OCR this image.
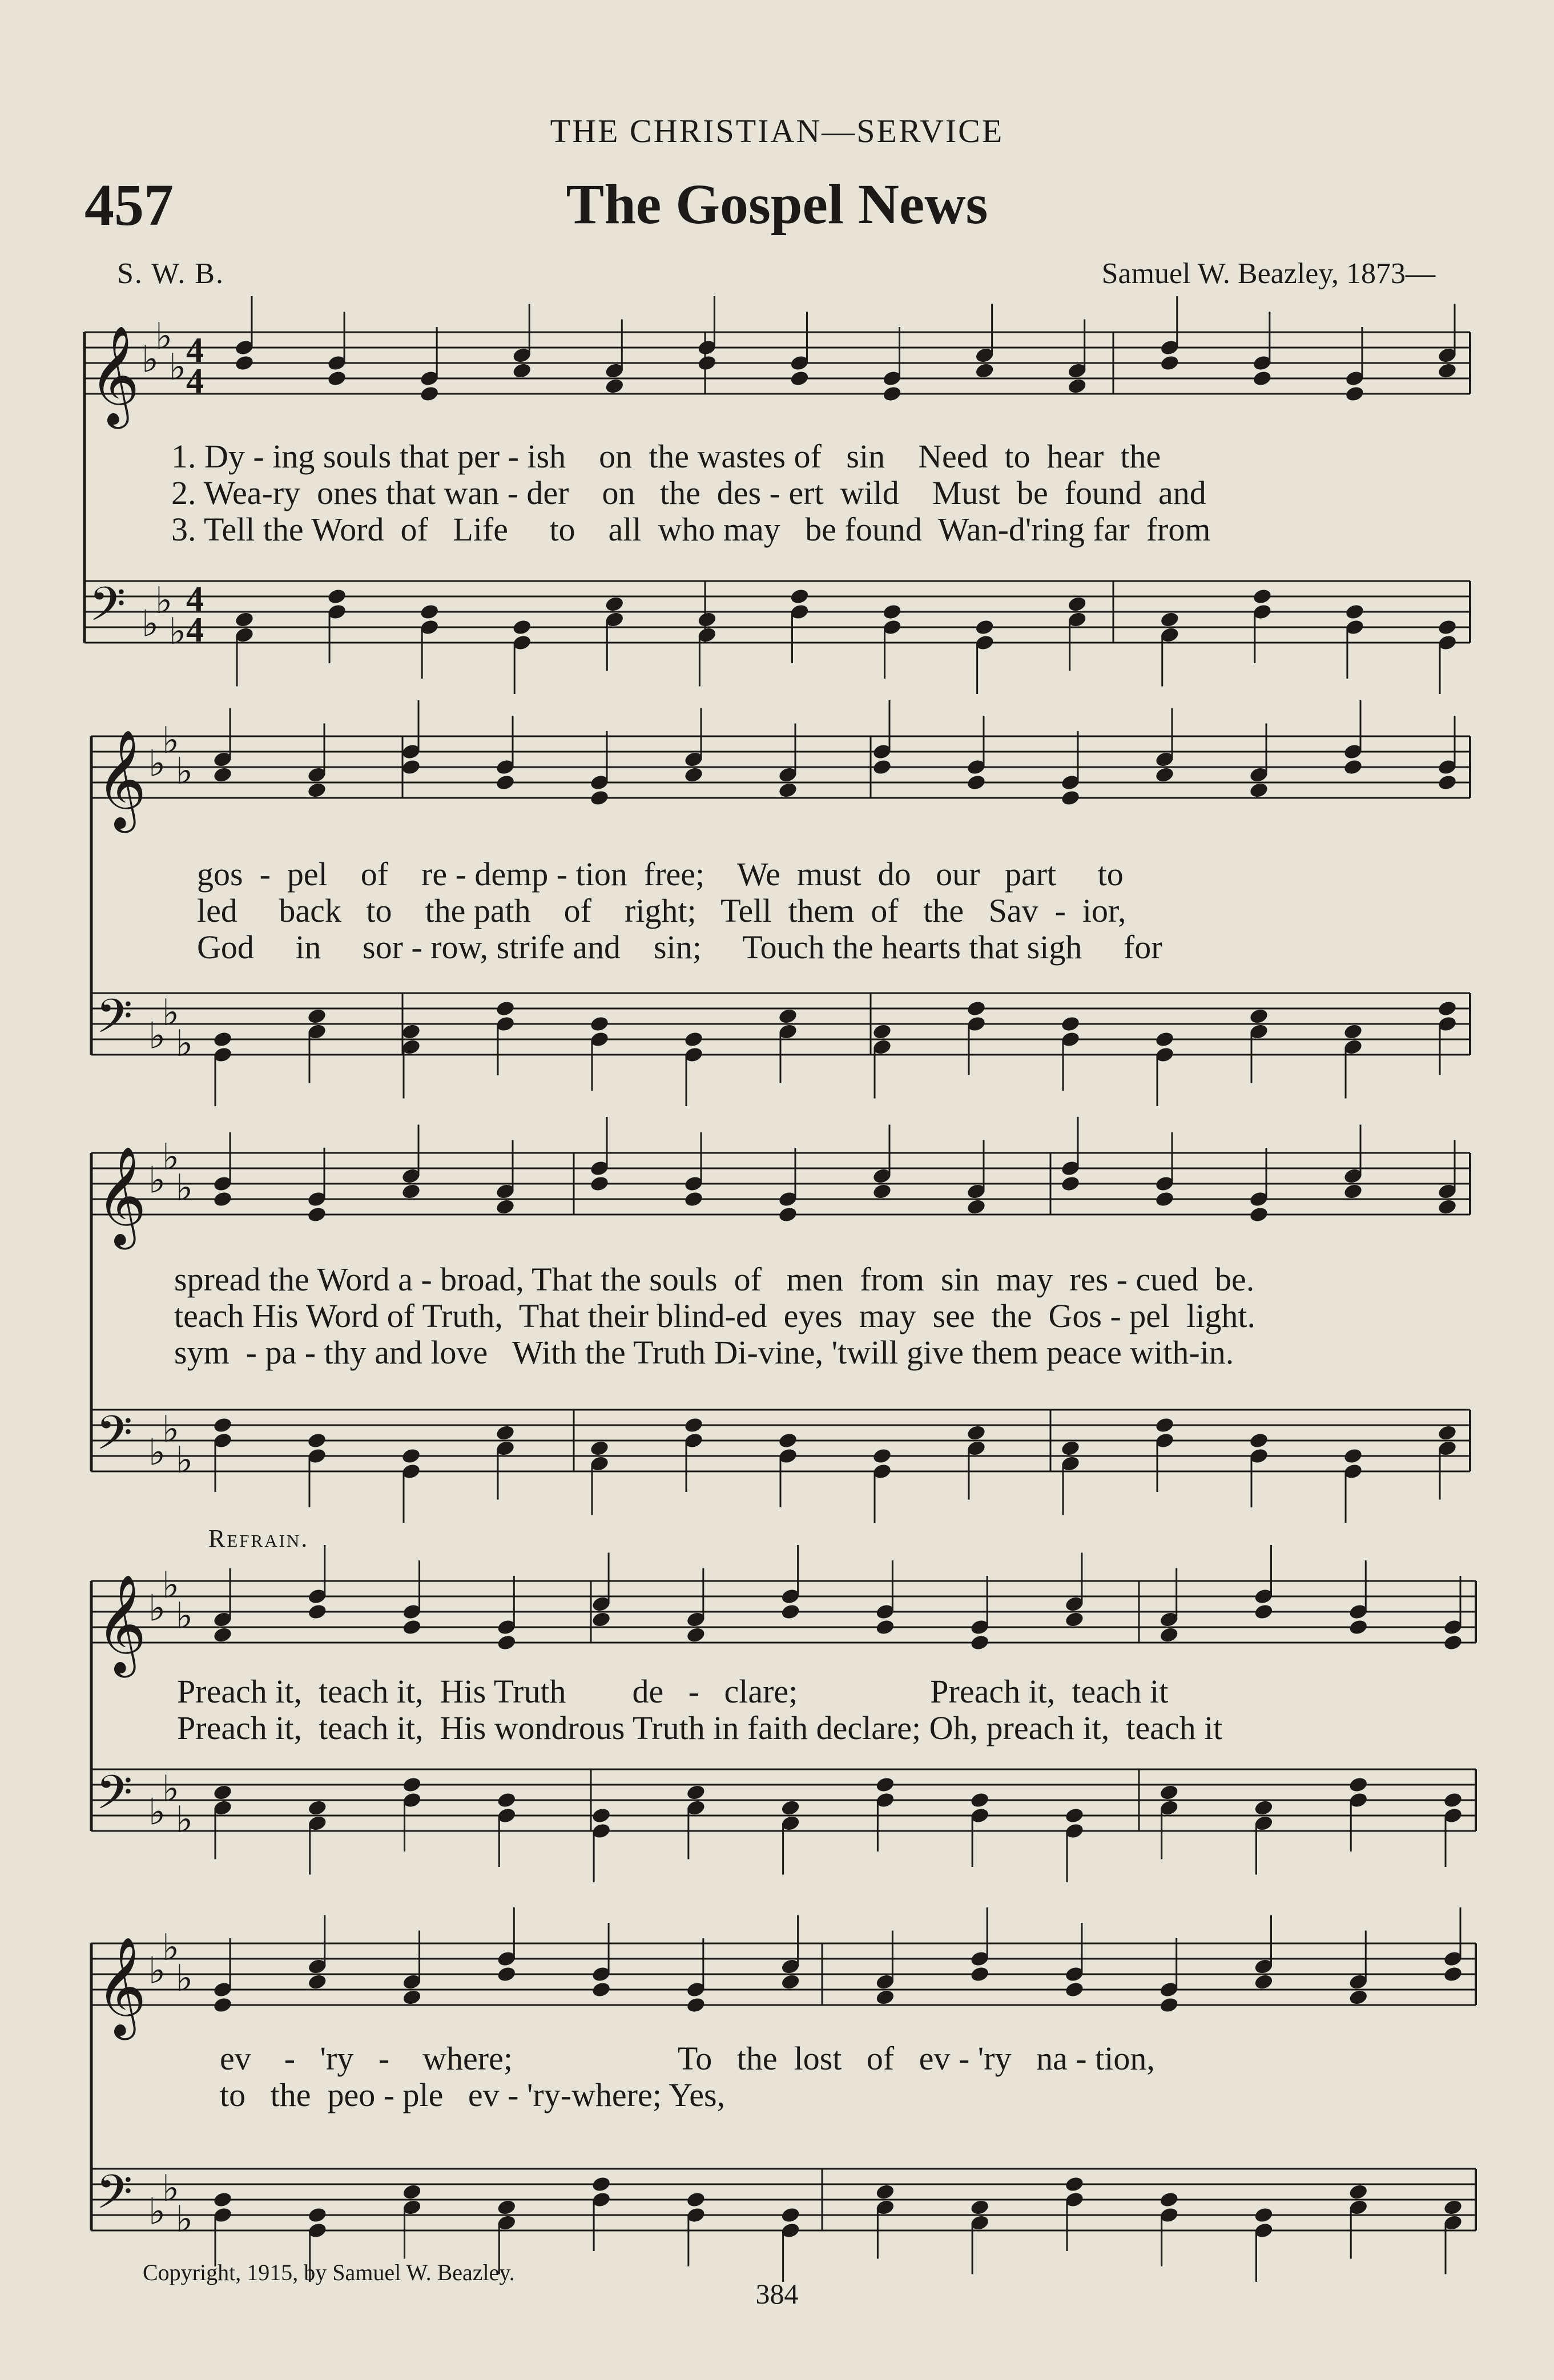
THE CHRISTIAN—SERVICE
457	The Gospel News
S. W. B.	Samuel W. Beazley, 1873—
1. Dy - ing souls that per - ish    on  the wastes of   sin    Need  to  hear  the
2. Wea-ry  ones that wan - der    on   the  des - ert  wild    Must  be  found  and
3. Tell the Word  of   Life     to    all  who may   be found  Wan-d'ring far  from
gos  -  pel    of    re - demp - tion  free;    We  must  do   our   part     to
led     back   to    the path    of    right;   Tell  them  of   the   Sav  -  ior,
God     in     sor - row, strife and    sin;     Touch the hearts that sigh     for
spread the Word a - broad, That the souls  of   men  from  sin  may  res - cued  be.
teach His Word of Truth,  That their blind-ed  eyes  may  see  the  Gos - pel  light.
sym  - pa - thy and love   With the Truth Di-vine, 'twill give them peace with-in.
Refrain.
Preach it,  teach it,  His Truth        de   -   clare;                Preach it,  teach it
Preach it,  teach it,  His wondrous Truth in faith declare; Oh, preach it,  teach it
ev    -   'ry   -    where;                    To   the  lost   of   ev - 'ry   na - tion,
to   the  peo - ple   ev - 'ry-where; Yes,
Copyright, 1915, by Samuel W. Beazley.
384
𝄞 ♭
♭
♭ 4
4
𝄢 ♭
♭
♭
4
4
𝄞 ♭
♭
♭
𝄢 ♭
♭
♭
𝄞 ♭
♭
♭
𝄢 ♭
♭
♭
𝄞 ♭
♭
♭
𝄢 ♭
♭
♭
𝄞 ♭
♭
♭
𝄢 ♭
♭
♭
